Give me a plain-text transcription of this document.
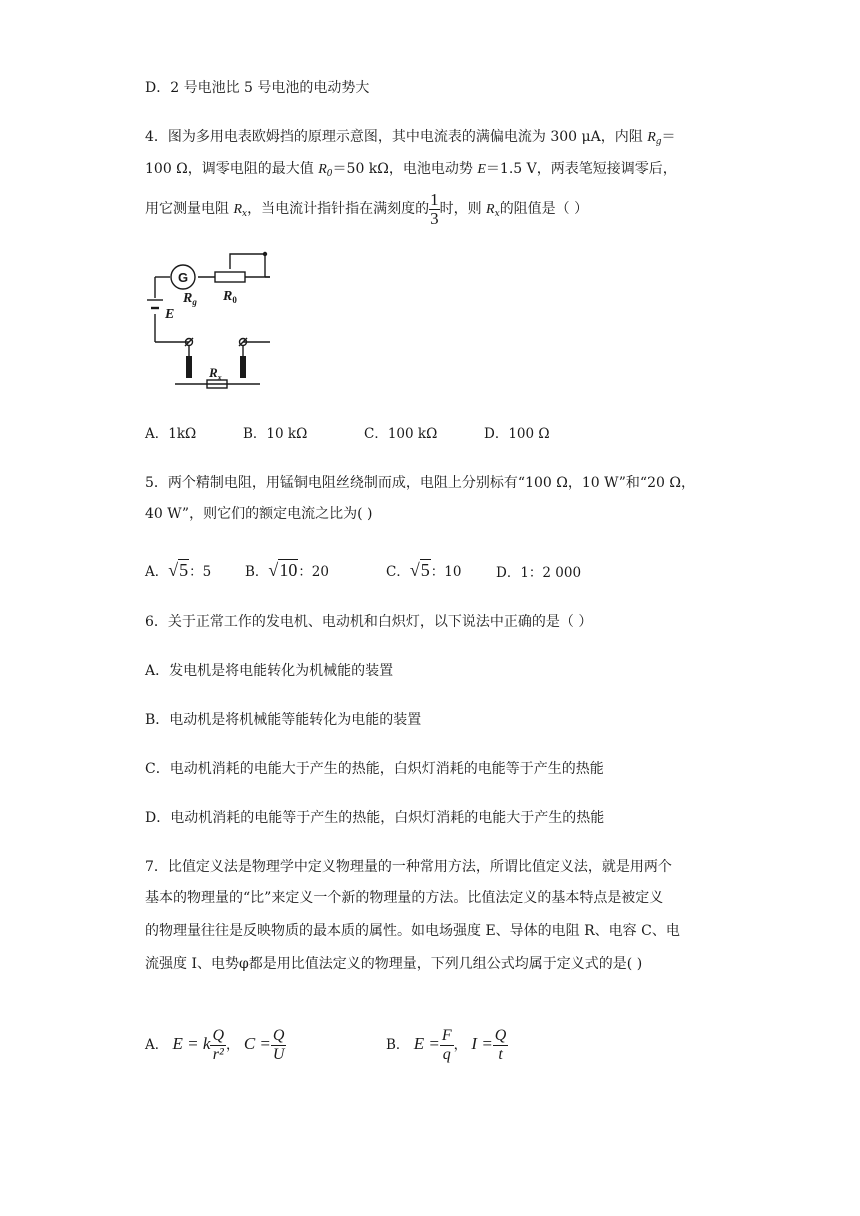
D．2 号电池比 5 号电池的电动势大
4．图为多用电表欧姆挡的原理示意图，其中电流表的满偏电流为 300 μA，内阻 $R_g=$
100 Ω，调零电阻的最大值 $R_0=50$ kΩ，电池电动势 E＝1.5 V，两表笔短接调零后，
用它测量电阻 $R_x$，当电流计指针指在满刻度的 $\frac{1}{3}$ 时，则 $R_x$的阻值是（ ）
G
$R_g$ $R_0$
E
$R_x$
A．1kΩ	B．10 kΩ	C．100 kΩ	D．100 Ω
5．两个精制电阻，用锰铜电阻丝绕制而成，电阻上分别标有“100 Ω，10 W”和“20 Ω，
40 W”，则它们的额定电流之比为( )
A．√5：5	B．√10：20	C．√5：10	D．1：2 000
6．关于正常工作的发电机、电动机和白炽灯，以下说法中正确的是（ ）
A．发电机是将电能转化为机械能的装置
B．电动机是将机械能等能转化为电能的装置
C．电动机消耗的电能大于产生的热能，白炽灯消耗的电能等于产生的热能
D．电动机消耗的电能等于产生的热能，白炽灯消耗的电能大于产生的热能
7．比值定义法是物理学中定义物理量的一种常用方法，所谓比值定义法，就是用两个
基本的物理量的“比”来定义一个新的物理量的方法。比值法定义的基本特点是被定义
的物理量往往是反映物质的最本质的属性。如电场强度 E、导体的电阻 R、电容 C、电
流强度 I、电势φ都是用比值法定义的物理量，下列几组公式均属于定义式的是( )
A． E = k $\frac{Q}{\text{r²}}$ ， $C = \frac{Q}{U}$	B． $E = \frac{F}{q}$ ， $I = \frac{Q}{t}$
